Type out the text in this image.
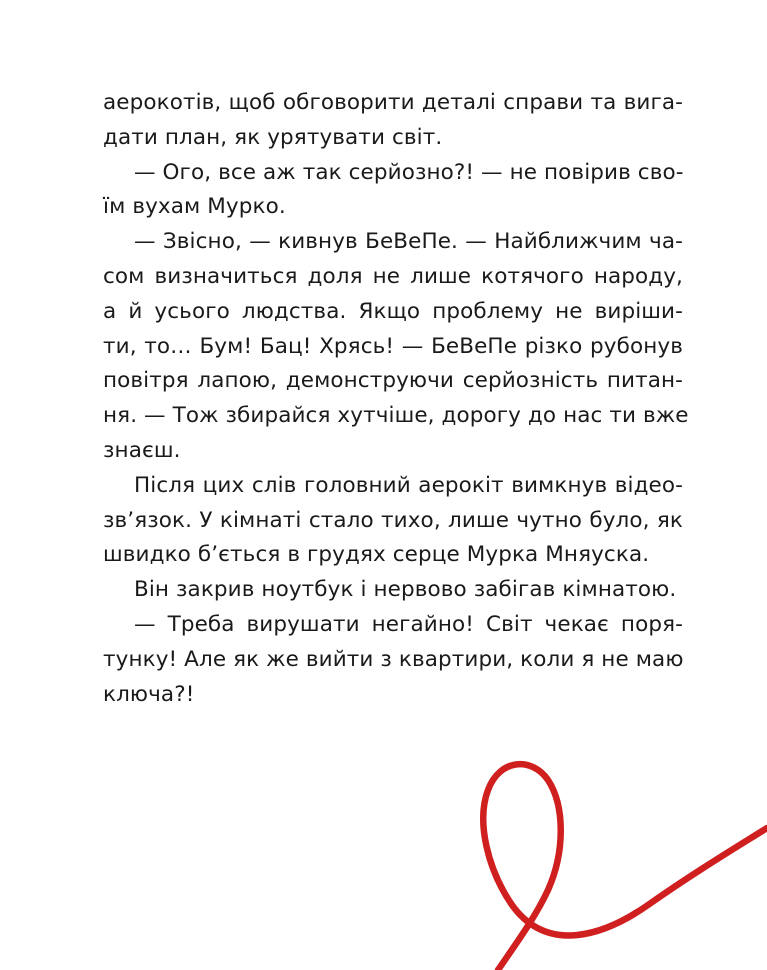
аерокотів, щоб обговорити деталі справи та вига-
дати план, як урятувати світ.
— Ого, все аж так серйозно?! — не повірив сво-
їм вухам Мурко.
— Звісно, — кивнув БеВеПе. — Найближчим ча-
сом визначиться доля не лише котячого народу,
а й усього людства. Якщо проблему не виріши-
ти, то… Бум! Бац! Хрясь! — БеВеПе різко рубонув
повітря лапою, демонструючи серйозність питан-
ня. — Тож збирайся хутчіше, дорогу до нас ти вже
знаєш.
Після цих слів головний аерокіт вимкнув відео-
зв’язок. У кімнаті стало тихо, лише чутно було, як
швидко б’ється в грудях серце Мурка Мняуска.
Він закрив ноутбук і нервово забігав кімнатою.
— Треба вирушати негайно! Світ чекає поря-
тунку! Але як же вийти з квартири, коли я не маю
ключа?!
